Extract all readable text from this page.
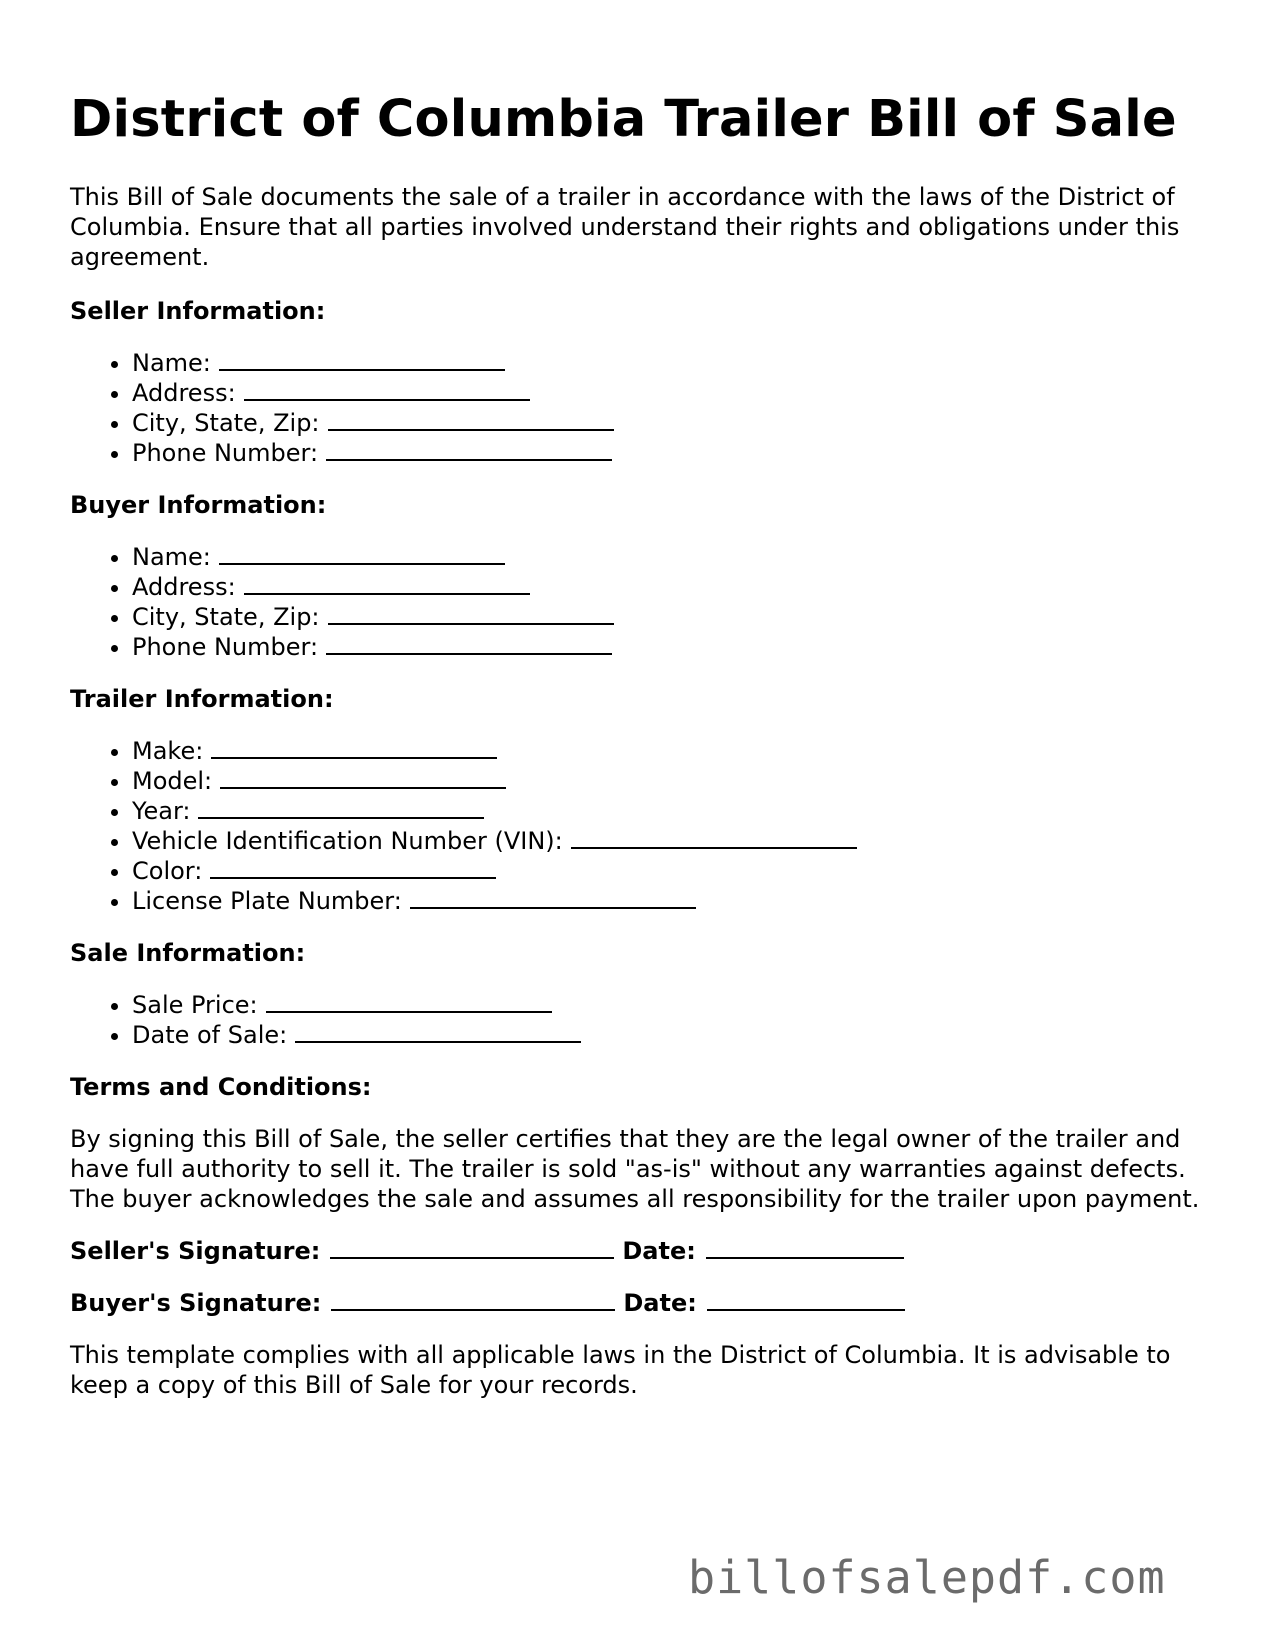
District of Columbia Trailer Bill of Sale

This Bill of Sale documents the sale of a trailer in accordance with the laws of the District of Columbia. Ensure that all parties involved understand their rights and obligations under this agreement.

Seller Information:

• Name:
• Address:
• City, State, Zip:
• Phone Number:

Buyer Information:

• Name:
• Address:
• City, State, Zip:
• Phone Number:

Trailer Information:

• Make:
• Model:
• Year:
• Vehicle Identification Number (VIN):
• Color:
• License Plate Number:

Sale Information:

• Sale Price:
• Date of Sale:

Terms and Conditions:

By signing this Bill of Sale, the seller certifies that they are the legal owner of the trailer and have full authority to sell it. The trailer is sold "as-is" without any warranties against defects. The buyer acknowledges the sale and assumes all responsibility for the trailer upon payment.

Seller's Signature:	Date:

Buyer's Signature:	Date:

This template complies with all applicable laws in the District of Columbia. It is advisable to keep a copy of this Bill of Sale for your records.

billofsalepdf.com
